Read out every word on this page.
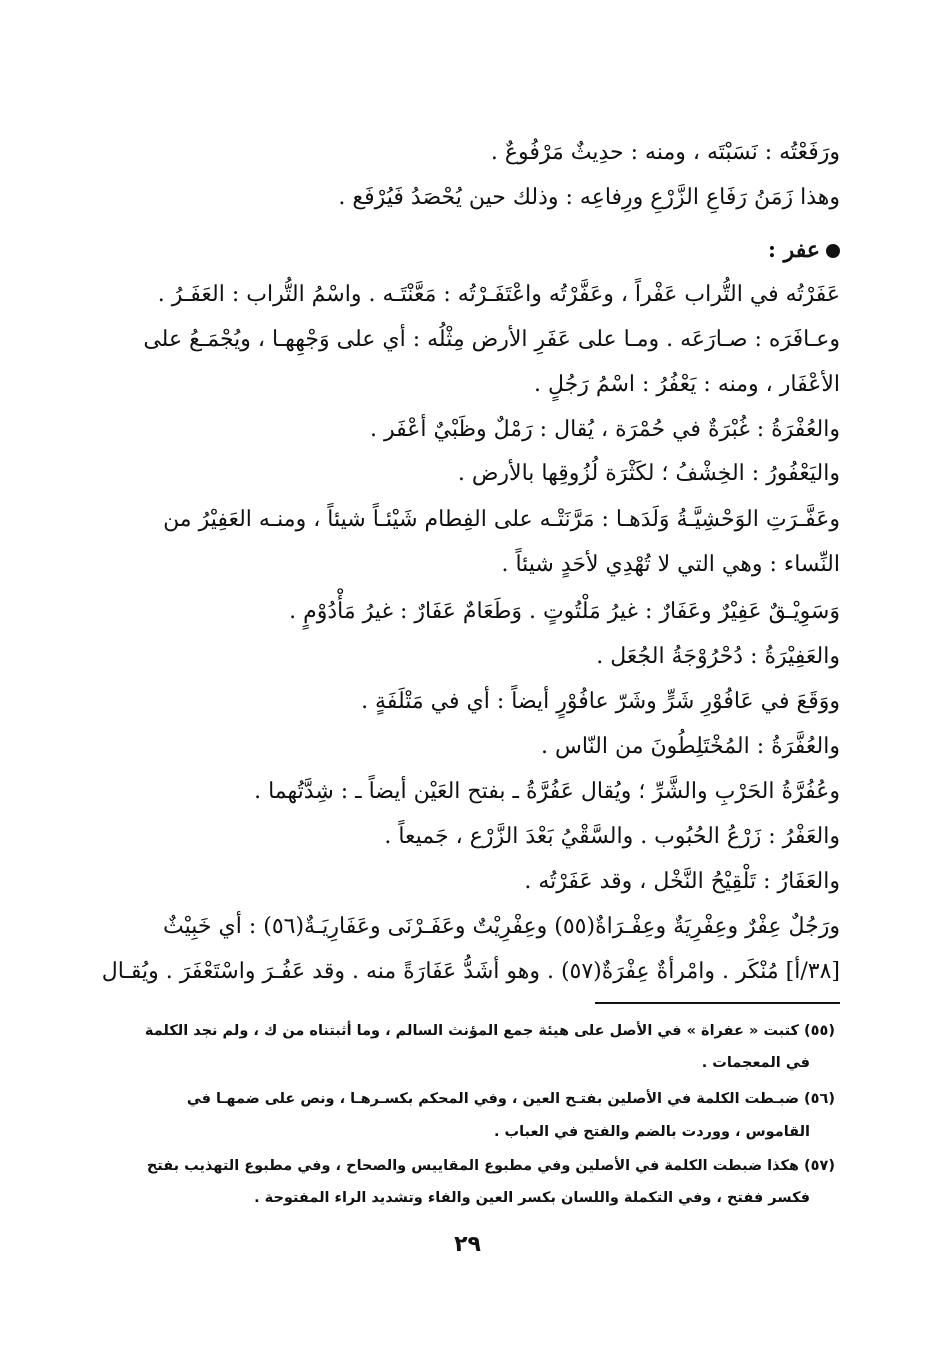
ورَفَعْتُه : نَسَبْتَه ، ومنه : حدِيثٌ مَرْفُوعٌ .
وهذا زَمَنُ رَفَاعِ الزَّرْعِ ورِفاعِه : وذلك حين يُحْصَدُ فَيُرْفَع .
عفر :
عَفَرْتُه في التُّراب عَفْراً ، وعَفَّرْتُه واعْتَفَـرْتُه : مَعَّنْتَـه . واسْمُ التُّراب : العَفَـرُ .
وعـافَرَه : صـارَعَه . ومـا على عَفَرِ الأرض مِثْلُه : أي على وَجْهِهـا ، ويُجْمَـعُ على
الأعْفَار ، ومنه : يَعْفُرُ : اسْمُ رَجُلٍ .
والعُفْرَةُ : غُبْرَةٌ في حُمْرَة ، يُقال : رَمْلٌ وظَبْيٌ أعْفَر .
واليَعْفُورُ : الخِشْفُ ؛ لكَثْرَة لُزُوقِها بالأرض .
وعَفَّـرَتِ الوَحْشِيَّـةُ وَلَدَهـا : مَرَّنَتْـه على الفِطام شَيْئـاً شيئاً ، ومنـه العَفِيْرُ من
النِّساء : وهي التي لا تُهْدِي لأحَدٍ شيئاً .
وَسَوِيْـقٌ عَفِيْرٌ وعَفَارٌ : غيرُ مَلْتُوتٍ . وَطَعَامٌ عَفَارٌ : غيرُ مَأْدُوْمٍ .
والعَفِيْرَةُ : دُحْرُوْجَةُ الجُعَل .
ووَقَعَ في عَافُوْرِ شَرٍّ وشَرّ عافُوْرٍ أيضاً : أي في مَتْلَفَةٍ .
والعُفَّرَةُ : المُخْتَلِطُونَ من النّاس .
وعُفُرَّةُ الحَرْبِ والشَّرِّ ؛ ويُقال عَفُرَّةُ ـ بفتح العَيْن أيضاً ـ : شِدَّتُهما .
والعَفْرُ : زَرْعُ الحُبُوب . والسَّقْيُ بَعْدَ الزَّرْع ، جَميعاً .
والعَفَارُ : تَلْقِيْحُ النَّخْل ، وقد عَفَرْتُه .
ورَجُلٌ عِفْرٌ وعِفْرِيَةٌ وعِفْـرَاةٌ(٥٥) وعِفْرِيْتٌ وعَفَـرْنَى وعَفَارِيَـةٌ(٥٦) : أي خَبِيْثٌ
[٣٨/أ] مُنْكَر . وامْرأةٌ عِفْرَةٌ(٥٧) . وهو أشَدُّ عَفَارَةً منه . وقد عَفُـرَ واسْتَعْفَرَ . ويُقـال
(٥٥) كتبت « عفراة » في الأصل على هيئة جمع المؤنث السالم ، وما أثبتناه من ك ، ولم نجد الكلمة
في المعجمات .
(٥٦) ضبـطت الكلمة في الأصلين بفتـح العين ، وفي المحكم بكسـرهـا ، ونص على ضمهـا في
القاموس ، ووردت بالضم والفتح في العباب .
(٥٧) هكذا ضبطت الكلمة في الأصلين وفي مطبوع المقاييس والصحاح ، وفي مطبوع التهذيب بفتح
فكسر ففتح ، وفي التكملة واللسان بكسر العين والفاء وتشديد الراء المفتوحة .
٢٩
